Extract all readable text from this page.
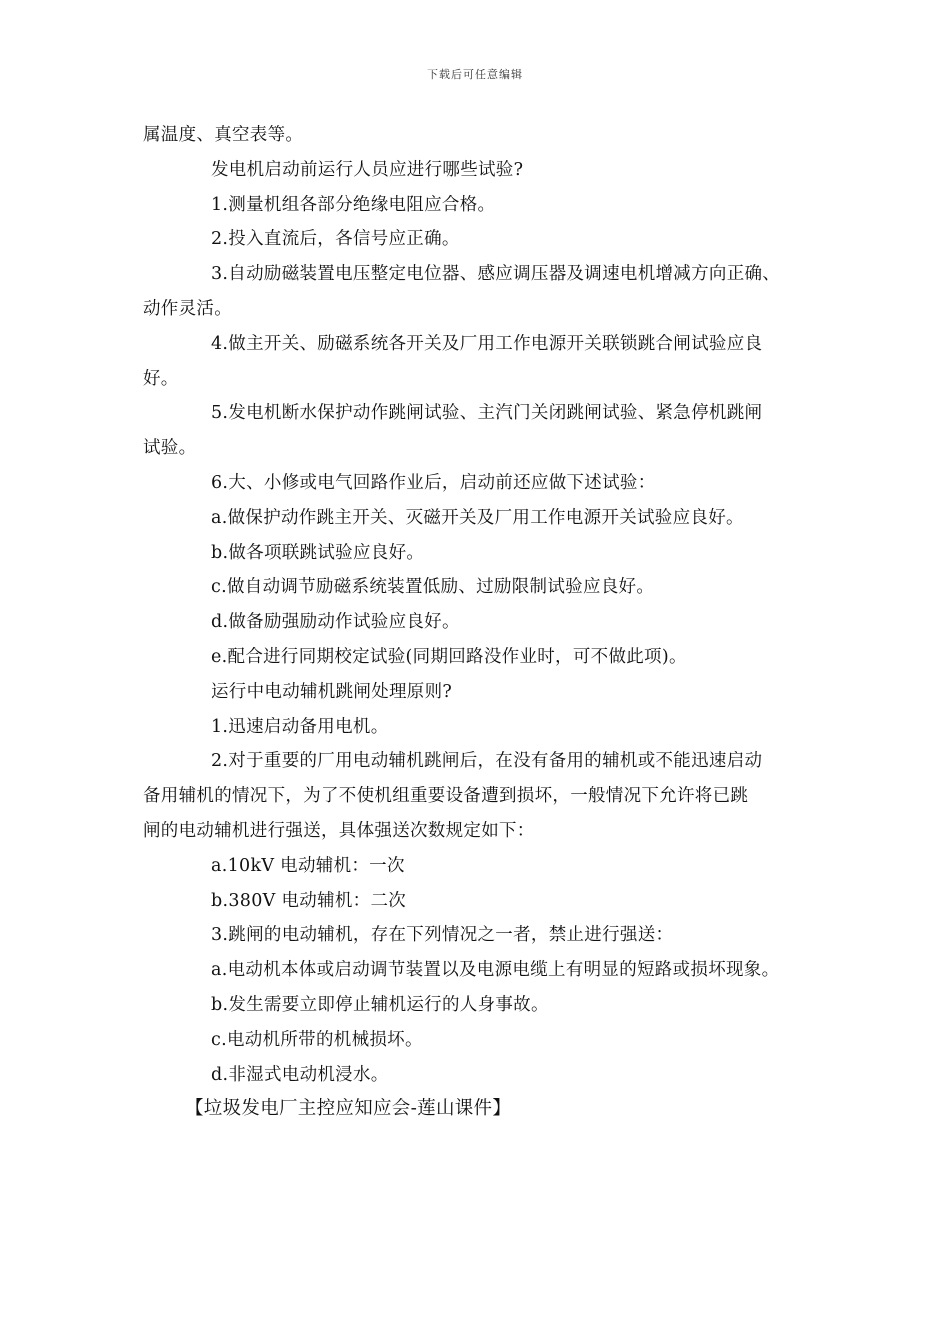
下载后可任意编辑
属温度、真空表等。
发电机启动前运行人员应进行哪些试验?
1.测量机组各部分绝缘电阻应合格。
2.投入直流后，各信号应正确。
3.自动励磁装置电压整定电位器、感应调压器及调速电机增减方向正确、
动作灵活。
4.做主开关、励磁系统各开关及厂用工作电源开关联锁跳合闸试验应良
好。
5.发电机断水保护动作跳闸试验、主汽门关闭跳闸试验、紧急停机跳闸
试验。
6.大、小修或电气回路作业后，启动前还应做下述试验：
a.做保护动作跳主开关、灭磁开关及厂用工作电源开关试验应良好。
b.做各项联跳试验应良好。
c.做自动调节励磁系统装置低励、过励限制试验应良好。
d.做备励强励动作试验应良好。
e.配合进行同期校定试验(同期回路没作业时，可不做此项)。
运行中电动辅机跳闸处理原则?
1.迅速启动备用电机。
2.对于重要的厂用电动辅机跳闸后，在没有备用的辅机或不能迅速启动
备用辅机的情况下，为了不使机组重要设备遭到损坏，一般情况下允许将已跳
闸的电动辅机进行强送，具体强送次数规定如下：
a.10kV 电动辅机：一次
b.380V 电动辅机：二次
3.跳闸的电动辅机，存在下列情况之一者，禁止进行强送：
a.电动机本体或启动调节装置以及电源电缆上有明显的短路或损坏现象。
b.发生需要立即停止辅机运行的人身事故。
c.电动机所带的机械损坏。
d.非湿式电动机浸水。
【垃圾发电厂主控应知应会-莲山课件】
